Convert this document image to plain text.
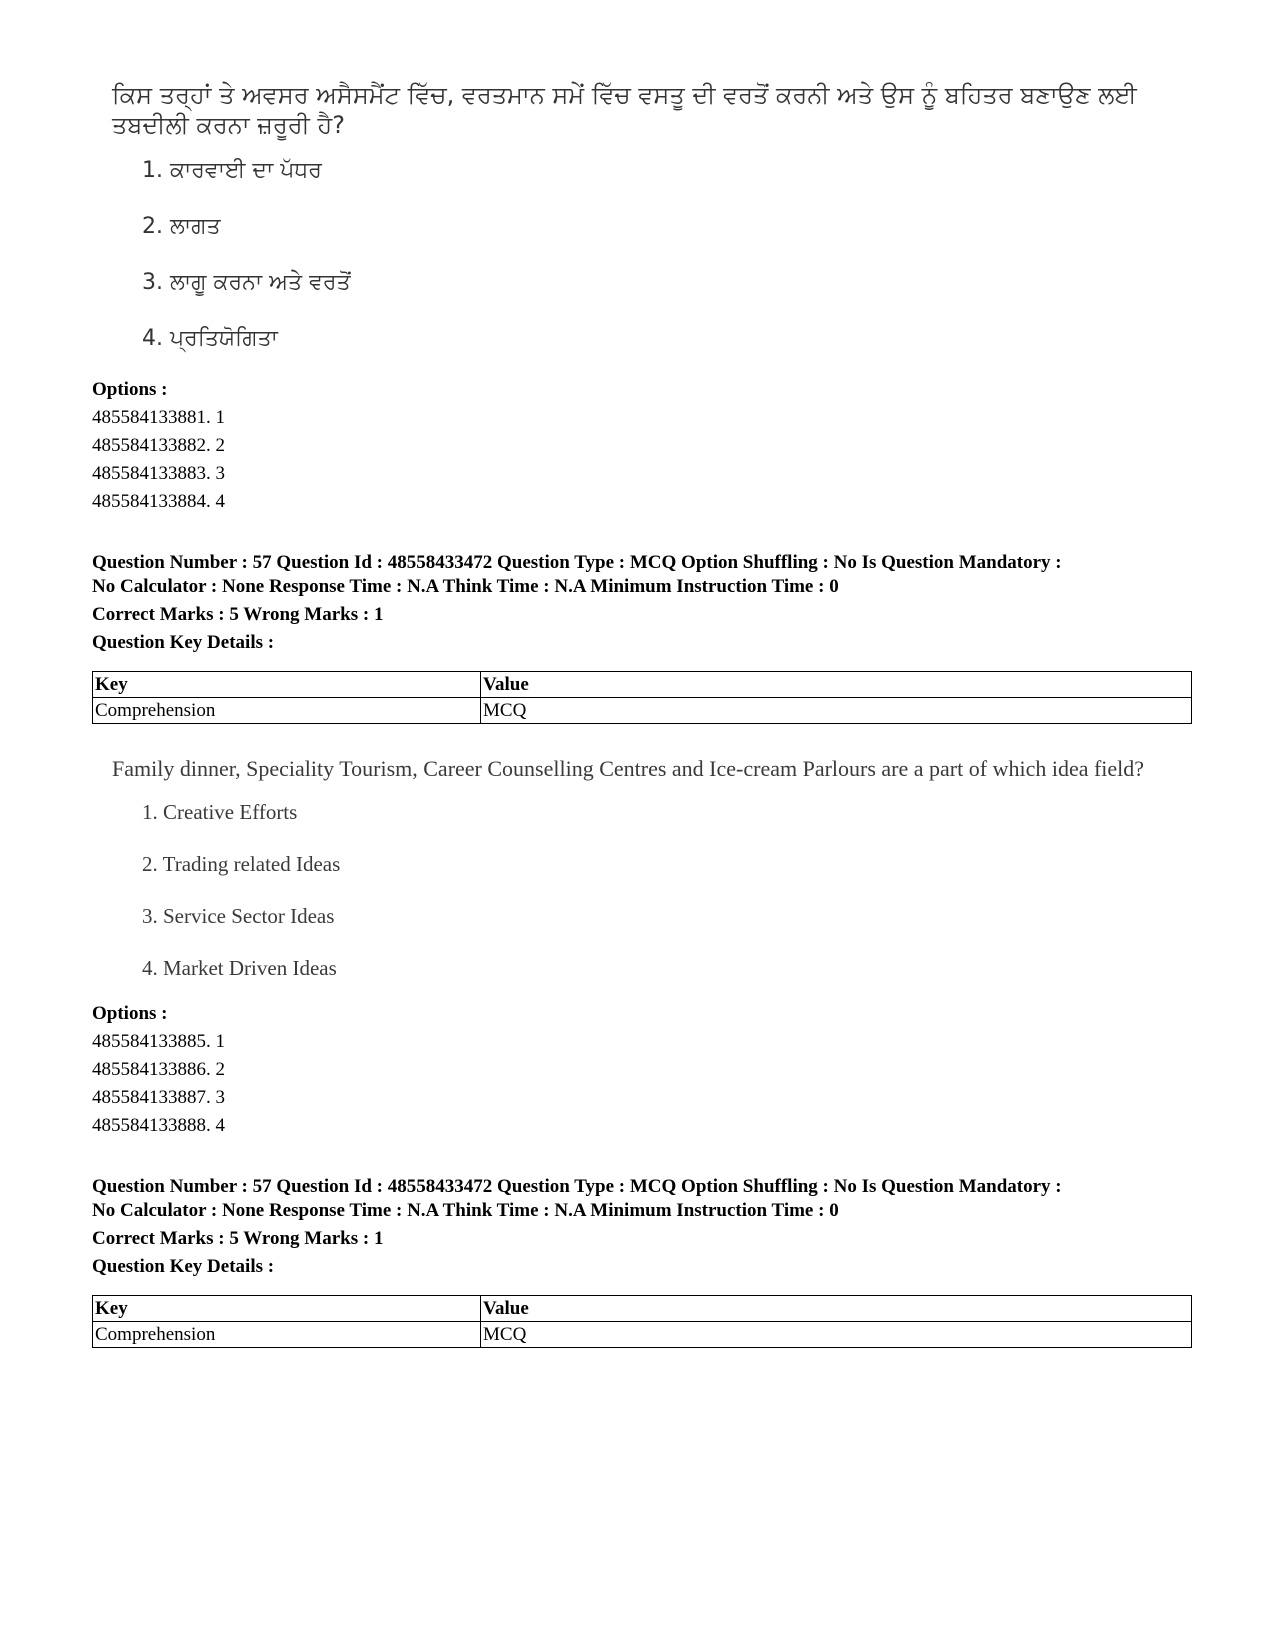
ਕਿਸ ਤਰ੍ਹਾਂ ਤੇ ਅਵਸਰ ਅਸੈਸਮੈਂਟ ਵਿੱਚ, ਵਰਤਮਾਨ ਸਮੇਂ ਵਿੱਚ ਵਸਤੂ ਦੀ ਵਰਤੋਂ ਕਰਨੀ ਅਤੇ ਉਸ ਨੂੰ ਬਹਿਤਰ ਬਣਾਉਣ ਲਈ ਤਬਦੀਲੀ ਕਰਨਾ ਜ਼ਰੂਰੀ ਹੈ?

1. ਕਾਰਵਾਈ ਦਾ ਪੱਧਰ
2. ਲਾਗਤ
3. ਲਾਗੂ ਕਰਨਾ ਅਤੇ ਵਰਤੋਂ
4. ਪ੍ਰਤਿਯੋਗਿਤਾ
Options :
485584133881. 1
485584133882. 2
485584133883. 3
485584133884. 4
Question Number : 57 Question Id : 48558433472 Question Type : MCQ Option Shuffling : No Is Question Mandatory :
No Calculator : None Response Time : N.A Think Time : N.A Minimum Instruction Time : 0
Correct Marks : 5 Wrong Marks : 1
Question Key Details :
Key	Value
Comprehension	MCQ

Family dinner, Speciality Tourism, Career Counselling Centres and Ice-cream Parlours are a part of which idea field?

1. Creative Efforts
2. Trading related Ideas
3. Service Sector Ideas
4. Market Driven Ideas
Options :
485584133885. 1
485584133886. 2
485584133887. 3
485584133888. 4
Question Number : 57 Question Id : 48558433472 Question Type : MCQ Option Shuffling : No Is Question Mandatory :
No Calculator : None Response Time : N.A Think Time : N.A Minimum Instruction Time : 0
Correct Marks : 5 Wrong Marks : 1
Question Key Details :
Key	Value
Comprehension	MCQ
